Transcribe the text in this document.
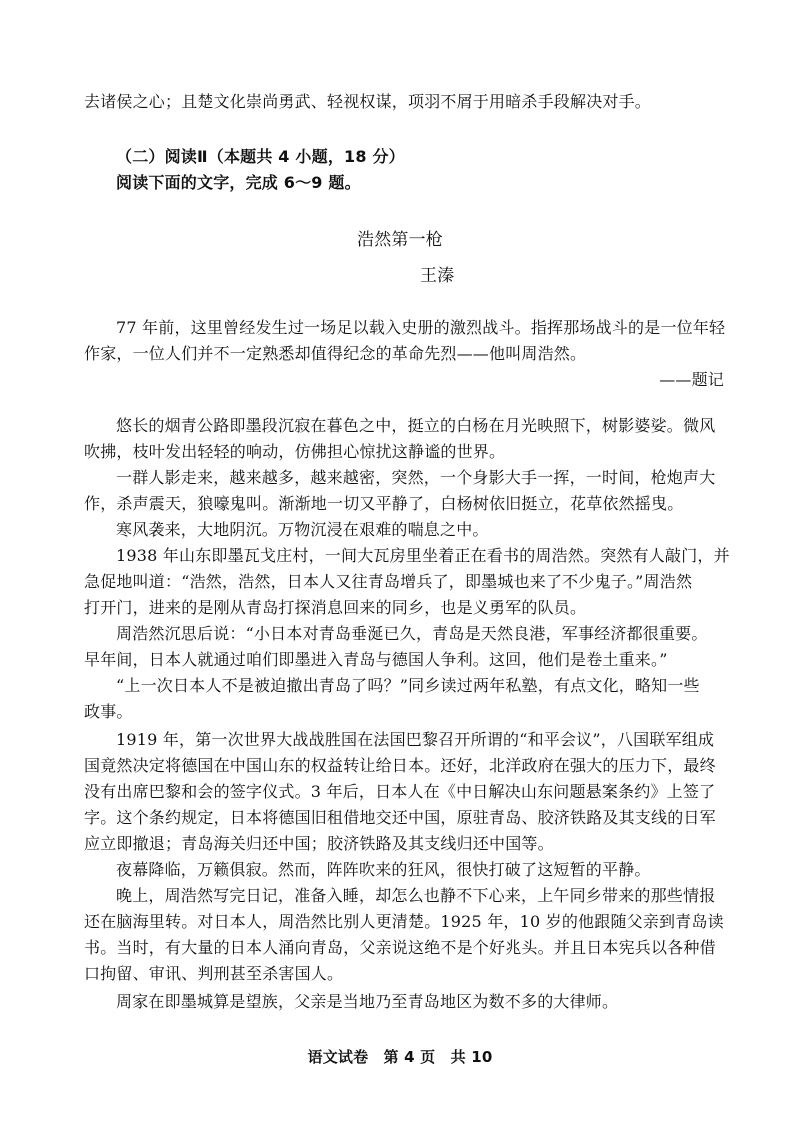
去诸侯之心；且楚文化崇尚勇武、轻视权谋，项羽不屑于用暗杀手段解决对手。
（二）阅读Ⅱ（本题共 4 小题，18 分）
阅读下面的文字，完成 6～9 题。
浩然第一枪
王溱
77 年前，这里曾经发生过一场足以载入史册的激烈战斗。指挥那场战斗的是一位年轻
作家，一位人们并不一定熟悉却值得纪念的革命先烈——他叫周浩然。
——题记
悠长的烟青公路即墨段沉寂在暮色之中，挺立的白杨在月光映照下，树影婆娑。微风
吹拂，枝叶发出轻轻的响动，仿佛担心惊扰这静谧的世界。
一群人影走来，越来越多，越来越密，突然，一个身影大手一挥，一时间，枪炮声大
作，杀声震天，狼嚎鬼叫。渐渐地一切又平静了，白杨树依旧挺立，花草依然摇曳。
寒风袭来，大地阴沉。万物沉浸在艰难的喘息之中。
1938 年山东即墨瓦戈庄村，一间大瓦房里坐着正在看书的周浩然。突然有人敲门，并
急促地叫道：“浩然，浩然，日本人又往青岛增兵了，即墨城也来了不少鬼子。”周浩然
打开门，进来的是刚从青岛打探消息回来的同乡，也是义勇军的队员。
周浩然沉思后说：“小日本对青岛垂涎已久，青岛是天然良港，军事经济都很重要。
早年间，日本人就通过咱们即墨进入青岛与德国人争利。这回，他们是卷土重来。”
“上一次日本人不是被迫撤出青岛了吗？”同乡读过两年私塾，有点文化，略知一些
政事。
1919 年，第一次世界大战战胜国在法国巴黎召开所谓的“和平会议”，八国联军组成
国竟然决定将德国在中国山东的权益转让给日本。还好，北洋政府在强大的压力下，最终
没有出席巴黎和会的签字仪式。3 年后，日本人在《中日解决山东问题悬案条约》上签了
字。这个条约规定，日本将德国旧租借地交还中国，原驻青岛、胶济铁路及其支线的日军
应立即撤退；青岛海关归还中国；胶济铁路及其支线归还中国等。
夜幕降临，万籁俱寂。然而，阵阵吹来的狂风，很快打破了这短暂的平静。
晚上，周浩然写完日记，准备入睡，却怎么也静不下心来，上午同乡带来的那些情报
还在脑海里转。对日本人，周浩然比别人更清楚。1925 年，10 岁的他跟随父亲到青岛读
书。当时，有大量的日本人涌向青岛，父亲说这绝不是个好兆头。并且日本宪兵以各种借
口拘留、审讯、判刑甚至杀害国人。
周家在即墨城算是望族，父亲是当地乃至青岛地区为数不多的大律师。
语文试卷　第 4 页　共 10
